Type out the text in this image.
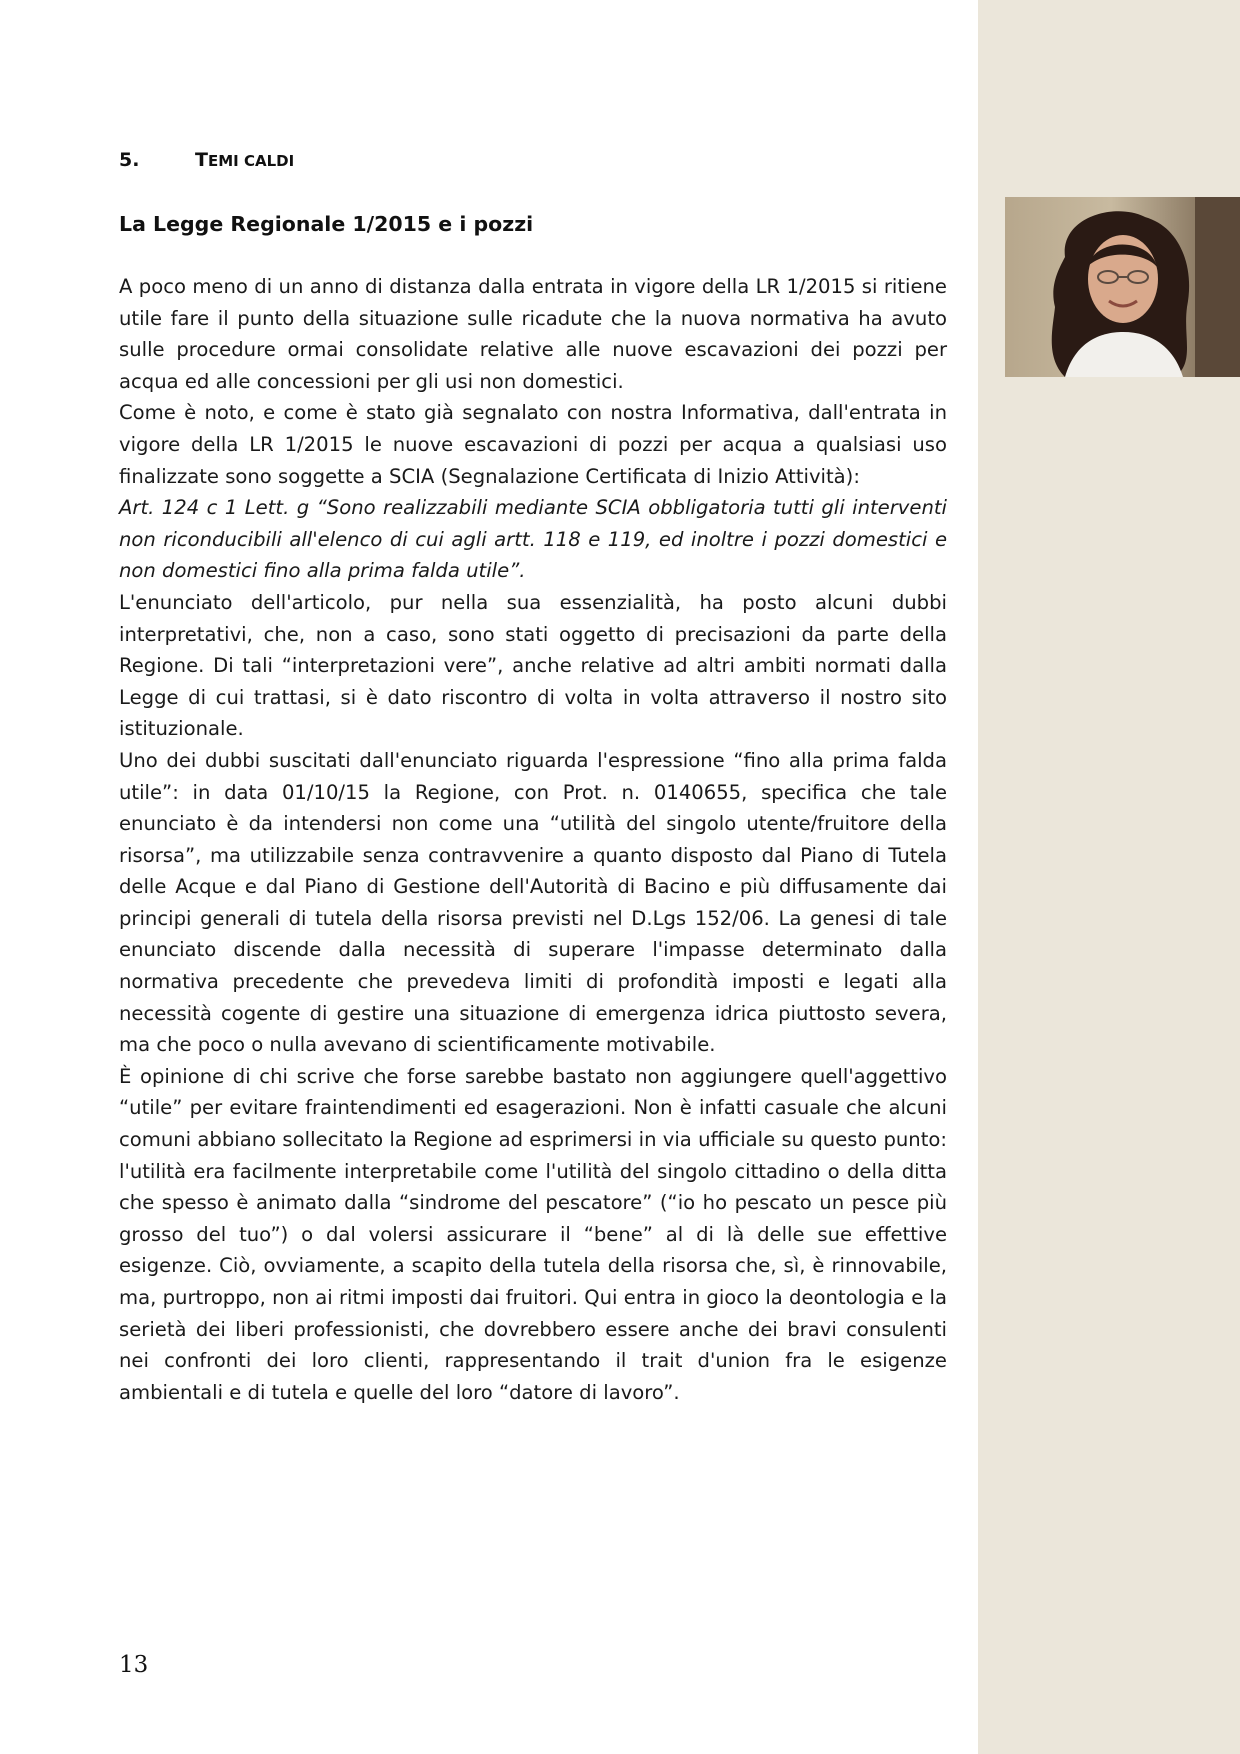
5.	TEMI CALDI
La Legge Regionale 1/2015 e i pozzi

A poco meno di un anno di distanza dalla entrata in vigore della LR 1/2015 si ritiene utile fare il punto della situazione sulle ricadute che la nuova normativa ha avuto sulle procedure ormai consolidate relative alle nuove escavazioni dei pozzi per acqua ed alle concessioni per gli usi non domestici.

Come è noto, e come è stato già segnalato con nostra Informativa, dall'entrata in vigore della LR 1/2015 le nuove escavazioni di pozzi per acqua a qualsiasi uso finalizzate sono soggette a SCIA (Segnalazione Certificata di Inizio Attività):

Art. 124 c 1 Lett. g “Sono realizzabili mediante SCIA obbligatoria tutti gli interventi non riconducibili all'elenco di cui agli artt. 118 e 119, ed inoltre i pozzi domestici e non domestici fino alla prima falda utile”.

L'enunciato dell'articolo, pur nella sua essenzialità, ha posto alcuni dubbi interpretativi, che, non a caso, sono stati oggetto di precisazioni da parte della Regione. Di tali “interpretazioni vere”, anche relative ad altri ambiti normati dalla Legge di cui trattasi, si è dato riscontro di volta in volta attraverso il nostro sito istituzionale.

Uno dei dubbi suscitati dall'enunciato riguarda l'espressione “fino alla prima falda utile”: in data 01/10/15 la Regione, con Prot. n. 0140655, specifica che tale enunciato è da intendersi non come una “utilità del singolo utente/fruitore della risorsa”, ma utilizzabile senza contravvenire a quanto disposto dal Piano di Tutela delle Acque e dal Piano di Gestione dell'Autorità di Bacino e più diffusamente dai principi generali di tutela della risorsa previsti nel D.Lgs 152/06. La genesi di tale enunciato discende dalla necessità di superare l'impasse determinato dalla normativa precedente che prevedeva limiti di profondità imposti e legati alla necessità cogente di gestire una situazione di emergenza idrica piuttosto severa, ma che poco o nulla avevano di scientificamente motivabile.

È opinione di chi scrive che forse sarebbe bastato non aggiungere quell'aggettivo “utile” per evitare fraintendimenti ed esagerazioni. Non è infatti casuale che alcuni comuni abbiano sollecitato la Regione ad esprimersi in via ufficiale su questo punto: l'utilità era facilmente interpretabile come l'utilità del singolo cittadino o della ditta che spesso è animato dalla “sindrome del pescatore” (“io ho pescato un pesce più grosso del tuo”) o dal volersi assicurare il “bene” al di là delle sue effettive esigenze. Ciò, ovviamente, a scapito della tutela della risorsa che, sì, è rinnovabile, ma, purtroppo, non ai ritmi imposti dai fruitori. Qui entra in gioco la deontologia e la serietà dei liberi professionisti, che dovrebbero essere anche dei bravi consulenti nei confronti dei loro clienti, rappresentando il trait d'union fra le esigenze ambientali e di tutela e quelle del loro “datore di lavoro”.

13
